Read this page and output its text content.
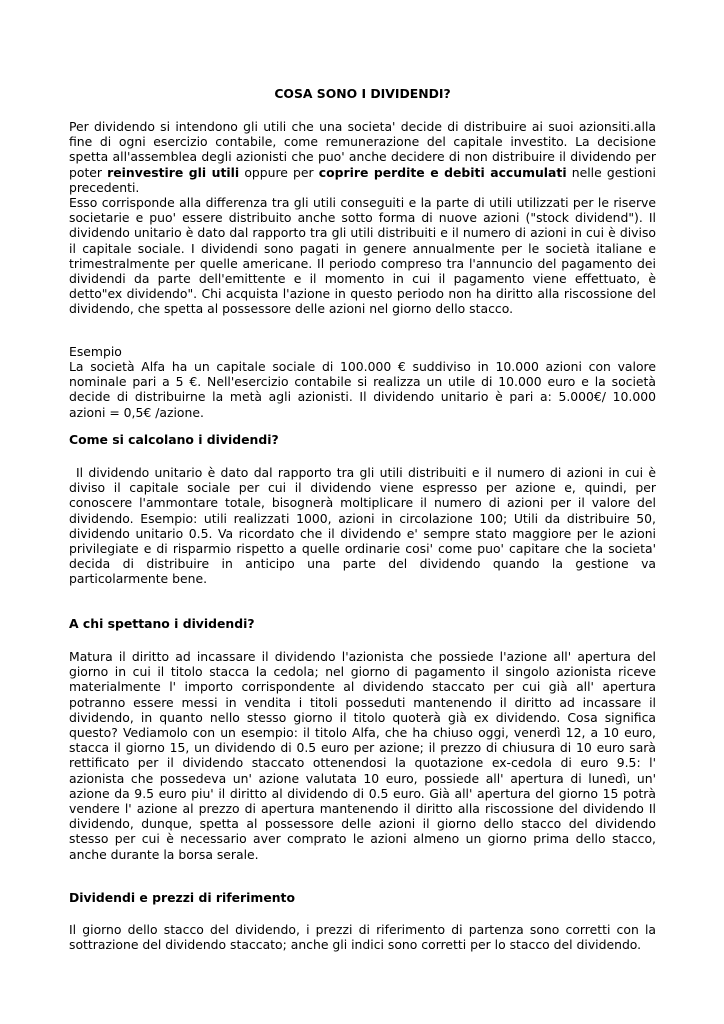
COSA SONO I DIVIDENDI?

Per dividendo si intendono gli utili che una societa' decide di distribuire ai suoi azionsiti.alla fine di ogni esercizio contabile, come remunerazione del capitale investito. La decisione spetta all'assemblea degli azionisti che puo' anche decidere di non distribuire il dividendo per poter reinvestire gli utili oppure per coprire perdite e debiti accumulati nelle gestioni precedenti.

Esso corrisponde alla differenza tra gli utili conseguiti e la parte di utili utilizzati per le riserve societarie e puo' essere distribuito anche sotto forma di nuove azioni ("stock dividend"). Il dividendo unitario è dato dal rapporto tra gli utili distribuiti e il numero di azioni in cui è diviso il capitale sociale. I dividendi sono pagati in genere annualmente per le società italiane e trimestralmente per quelle americane. Il periodo compreso tra l'annuncio del pagamento dei dividendi da parte dell'emittente e il momento in cui il pagamento viene effettuato, è detto"ex dividendo". Chi acquista l'azione in questo periodo non ha diritto alla riscossione del dividendo, che spetta al possessore delle azioni nel giorno dello stacco.

Esempio

La società Alfa ha un capitale sociale di 100.000 € suddiviso in 10.000 azioni con valore nominale pari a 5 €. Nell'esercizio contabile si realizza un utile di 10.000 euro e la società decide di distribuirne la metà agli azionisti. Il dividendo unitario è pari a: 5.000€/ 10.000 azioni = 0,5€ /azione.

Come si calcolano i dividendi?

Il dividendo unitario è dato dal rapporto tra gli utili distribuiti e il numero di azioni in cui è diviso il capitale sociale per cui il dividendo viene espresso per azione e, quindi, per conoscere l'ammontare totale, bisognerà moltiplicare il numero di azioni per il valore del dividendo. Esempio: utili realizzati 1000, azioni in circolazione 100; Utili da distribuire 50, dividendo unitario 0.5. Va ricordato che il dividendo e' sempre stato maggiore per le azioni privilegiate e di risparmio rispetto a quelle ordinarie cosi' come puo' capitare che la societa' decida di distribuire in anticipo una parte del dividendo quando la gestione va particolarmente bene.

A chi spettano i dividendi?

Matura il diritto ad incassare il dividendo l'azionista che possiede l'azione all' apertura del giorno in cui il titolo stacca la cedola; nel giorno di pagamento il singolo azionista riceve materialmente l' importo corrispondente al dividendo staccato per cui già all' apertura potranno essere messi in vendita i titoli posseduti mantenendo il diritto ad incassare il dividendo, in quanto nello stesso giorno il titolo quoterà già ex dividendo. Cosa significa questo? Vediamolo con un esempio: il titolo Alfa, che ha chiuso oggi, venerdì 12, a 10 euro, stacca il giorno 15, un dividendo di 0.5 euro per azione; il prezzo di chiusura di 10 euro sarà rettificato per il dividendo staccato ottenendosi la quotazione ex-cedola di euro 9.5: l' azionista che possedeva un' azione valutata 10 euro, possiede all' apertura di lunedì, un' azione da 9.5 euro piu' il diritto al dividendo di 0.5 euro. Già all' apertura del giorno 15 potrà vendere l' azione al prezzo di apertura mantenendo il diritto alla riscossione del dividendo Il dividendo, dunque, spetta al possessore delle azioni il giorno dello stacco del dividendo stesso per cui è necessario aver comprato le azioni almeno un giorno prima dello stacco, anche durante la borsa serale.

Dividendi e prezzi di riferimento

Il giorno dello stacco del dividendo, i prezzi di riferimento di partenza sono corretti con la sottrazione del dividendo staccato; anche gli indici sono corretti per lo stacco del dividendo.
